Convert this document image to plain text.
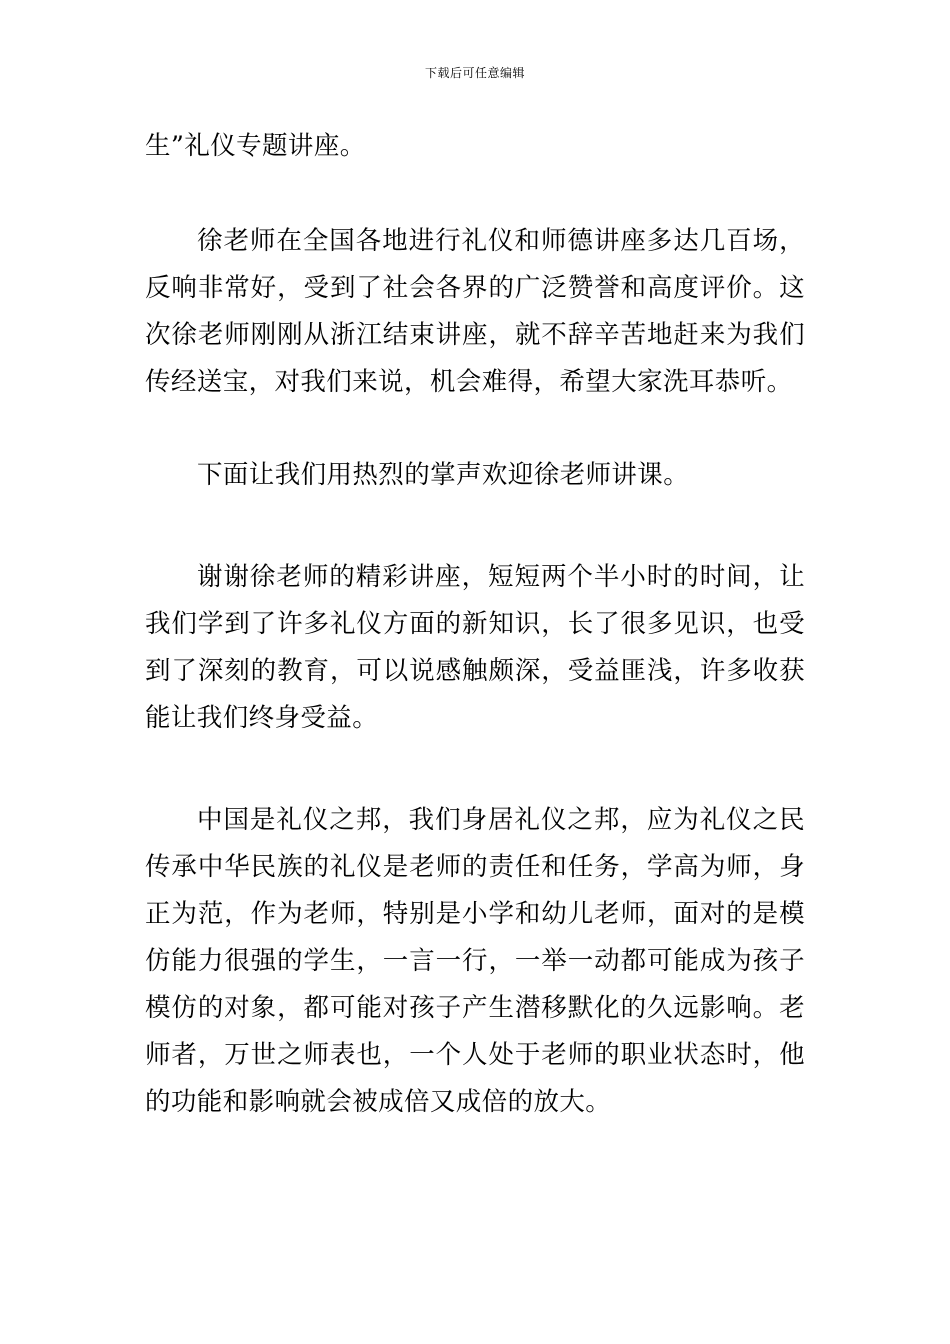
下载后可任意编辑

生”礼仪专题讲座。

徐老师在全国各地进行礼仪和师德讲座多达几百场，反响非常好，受到了社会各界的广泛赞誉和高度评价。这次徐老师刚刚从浙江结束讲座，就不辞辛苦地赶来为我们传经送宝，对我们来说，机会难得，希望大家洗耳恭听。

下面让我们用热烈的掌声欢迎徐老师讲课。

谢谢徐老师的精彩讲座，短短两个半小时的时间，让我们学到了许多礼仪方面的新知识，长了很多见识，也受到了深刻的教育，可以说感触颇深，受益匪浅，许多收获能让我们终身受益。

中国是礼仪之邦，我们身居礼仪之邦，应为礼仪之民传承中华民族的礼仪是老师的责任和任务，学高为师，身正为范，作为老师，特别是小学和幼儿老师，面对的是模仿能力很强的学生，一言一行，一举一动都可能成为孩子模仿的对象，都可能对孩子产生潜移默化的久远影响。老师者，万世之师表也，一个人处于老师的职业状态时，他的功能和影响就会被成倍又成倍的放大。
